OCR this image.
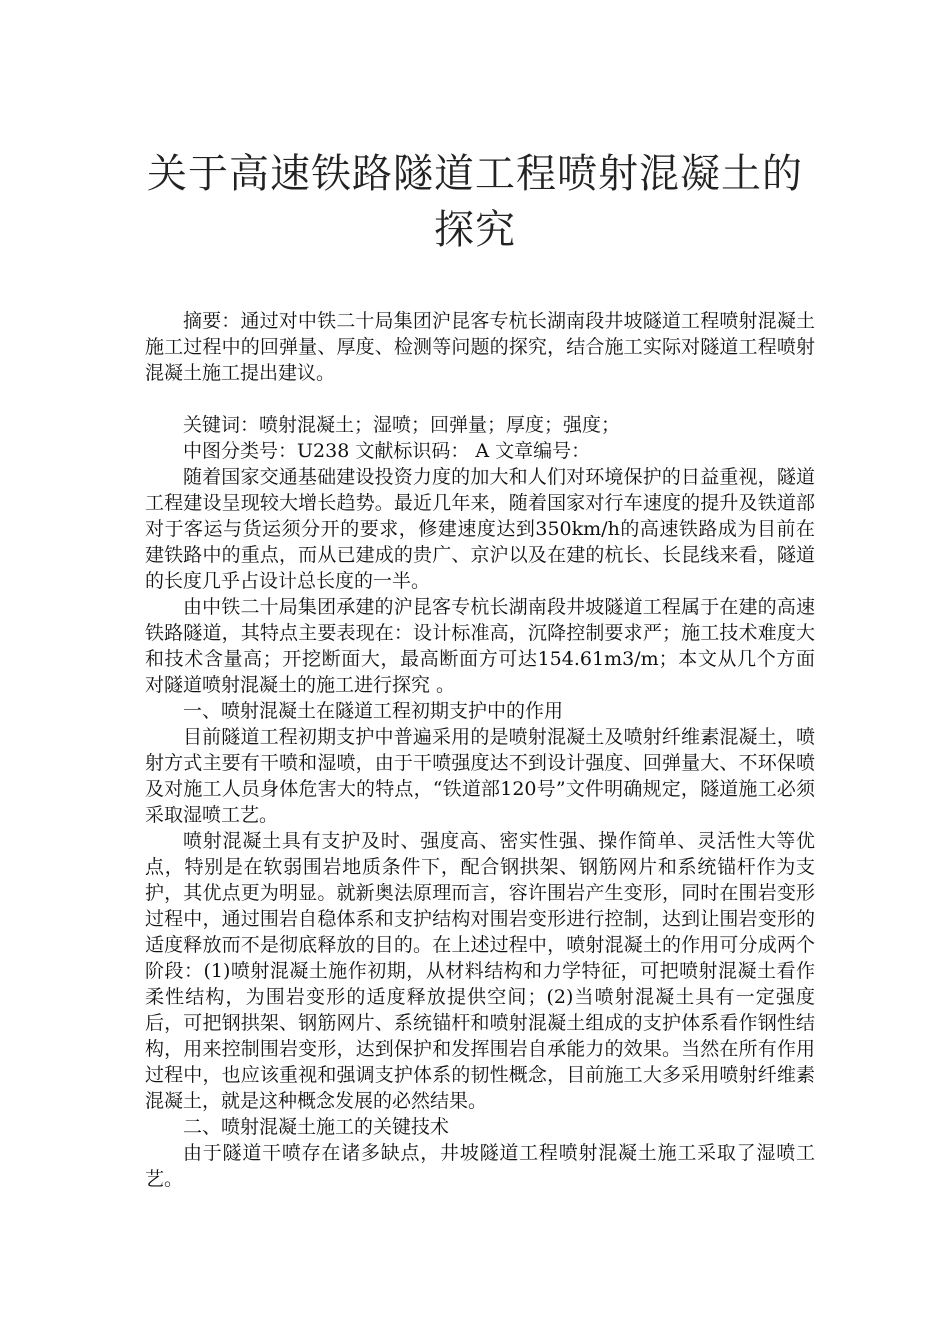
关于高速铁路隧道工程喷射混凝土的
探究

摘要：通过对中铁二十局集团沪昆客专杭长湖南段井坡隧道工程喷射混凝土施工过程中的回弹量、厚度、检测等问题的探究，结合施工实际对隧道工程喷射混凝土施工提出建议。

关键词：喷射混凝土；湿喷；回弹量；厚度；强度；

中图分类号：U238 文献标识码： A 文章编号：

随着国家交通基础建设投资力度的加大和人们对环境保护的日益重视，隧道工程建设呈现较大增长趋势。最近几年来，随着国家对行车速度的提升及铁道部对于客运与货运须分开的要求，修建速度达到350km/h的高速铁路成为目前在建铁路中的重点，而从已建成的贵广、京沪以及在建的杭长、长昆线来看，隧道的长度几乎占设计总长度的一半。

由中铁二十局集团承建的沪昆客专杭长湖南段井坡隧道工程属于在建的高速铁路隧道，其特点主要表现在：设计标准高，沉降控制要求严；施工技术难度大和技术含量高；开挖断面大，最高断面方可达154.61m3/m；本文从几个方面对隧道喷射混凝土的施工进行探究 。

一、喷射混凝土在隧道工程初期支护中的作用

目前隧道工程初期支护中普遍采用的是喷射混凝土及喷射纤维素混凝土，喷射方式主要有干喷和湿喷，由于干喷强度达不到设计强度、回弹量大、不环保喷及对施工人员身体危害大的特点，“铁道部120号”文件明确规定，隧道施工必须采取湿喷工艺。

喷射混凝土具有支护及时、强度高、密实性强、操作简单、灵活性大等优点，特别是在软弱围岩地质条件下，配合钢拱架、钢筋网片和系统锚杆作为支护，其优点更为明显。就新奥法原理而言，容许围岩产生变形，同时在围岩变形过程中，通过围岩自稳体系和支护结构对围岩变形进行控制，达到让围岩变形的适度释放而不是彻底释放的目的。在上述过程中，喷射混凝土的作用可分成两个阶段：(1)喷射混凝土施作初期，从材料结构和力学特征，可把喷射混凝土看作柔性结构，为围岩变形的适度释放提供空间；(2)当喷射混凝土具有一定强度后，可把钢拱架、钢筋网片、系统锚杆和喷射混凝土组成的支护体系看作钢性结构，用来控制围岩变形，达到保护和发挥围岩自承能力的效果。当然在所有作用过程中，也应该重视和强调支护体系的韧性概念，目前施工大多采用喷射纤维素混凝土，就是这种概念发展的必然结果。

二、喷射混凝土施工的关键技术

由于隧道干喷存在诸多缺点，井坡隧道工程喷射混凝土施工采取了湿喷工艺。
